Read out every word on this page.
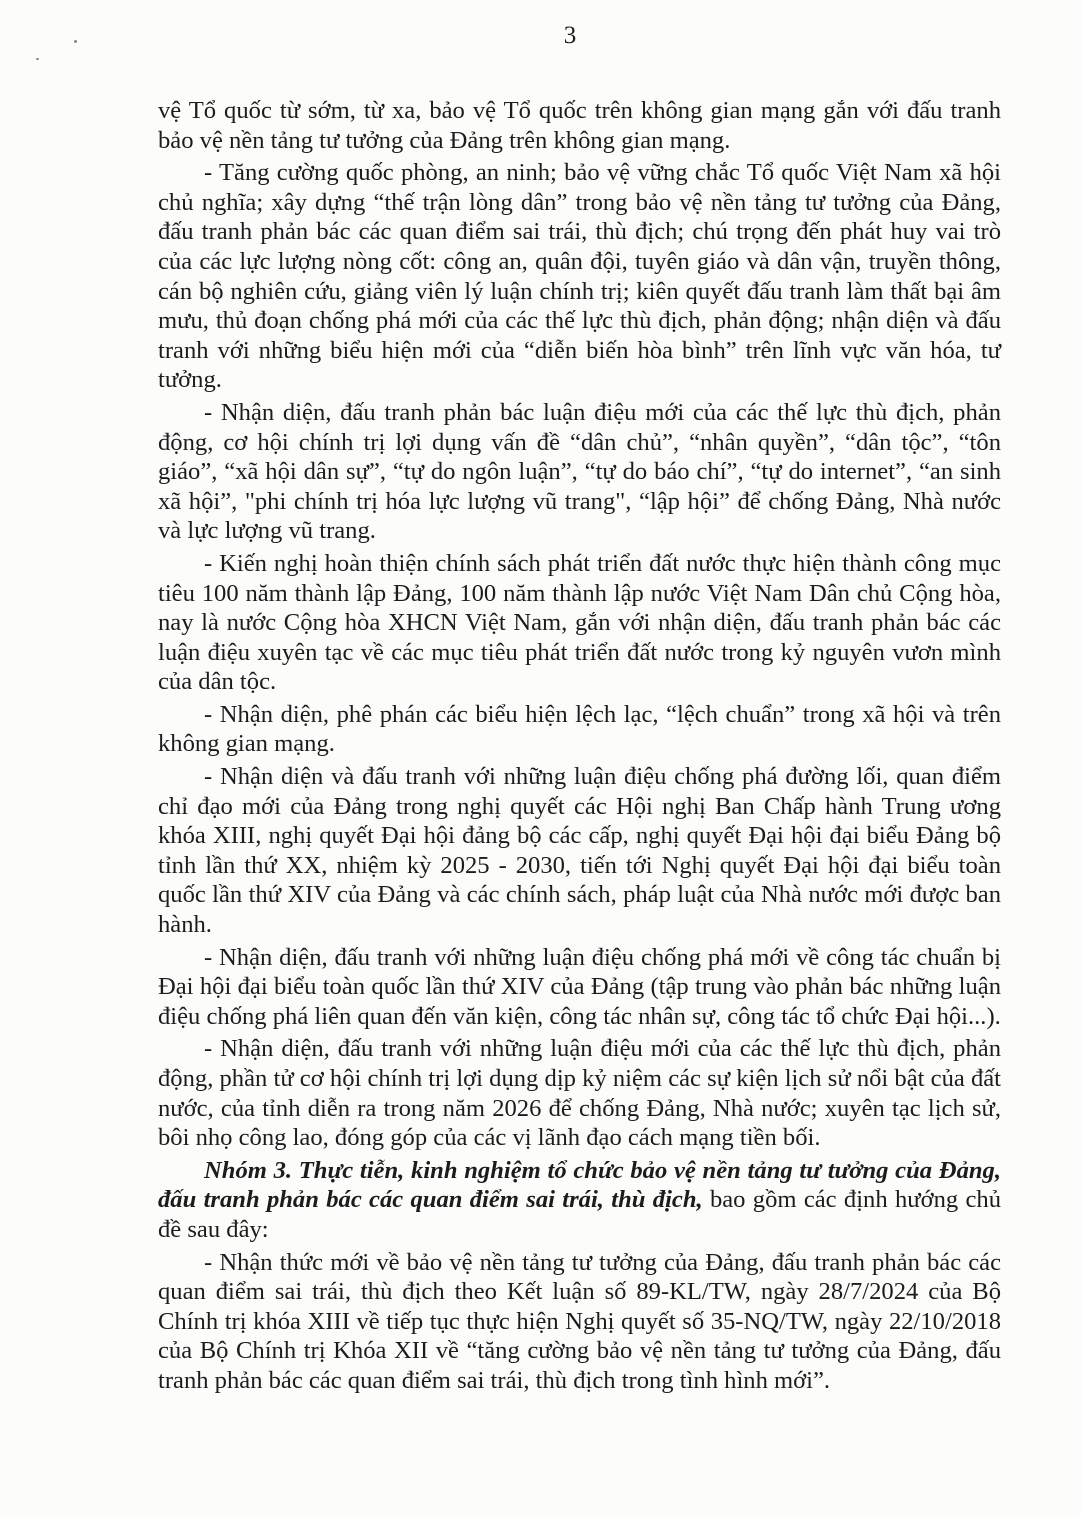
3

vệ Tổ quốc từ sớm, từ xa, bảo vệ Tổ quốc trên không gian mạng gắn với đấu tranh bảo vệ nền tảng tư tưởng của Đảng trên không gian mạng.

- Tăng cường quốc phòng, an ninh; bảo vệ vững chắc Tổ quốc Việt Nam xã hội chủ nghĩa; xây dựng “thế trận lòng dân” trong bảo vệ nền tảng tư tưởng của Đảng, đấu tranh phản bác các quan điểm sai trái, thù địch; chú trọng đến phát huy vai trò của các lực lượng nòng cốt: công an, quân đội, tuyên giáo và dân vận, truyền thông, cán bộ nghiên cứu, giảng viên lý luận chính trị; kiên quyết đấu tranh làm thất bại âm mưu, thủ đoạn chống phá mới của các thế lực thù địch, phản động; nhận diện và đấu tranh với những biểu hiện mới của “diễn biến hòa bình” trên lĩnh vực văn hóa, tư tưởng.

- Nhận diện, đấu tranh phản bác luận điệu mới của các thế lực thù địch, phản động, cơ hội chính trị lợi dụng vấn đề “dân chủ”, “nhân quyền”, “dân tộc”, “tôn giáo”, “xã hội dân sự”, “tự do ngôn luận”, “tự do báo chí”, “tự do internet”, “an sinh xã hội”, "phi chính trị hóa lực lượng vũ trang", “lập hội” để chống Đảng, Nhà nước và lực lượng vũ trang.

- Kiến nghị hoàn thiện chính sách phát triển đất nước thực hiện thành công mục tiêu 100 năm thành lập Đảng, 100 năm thành lập nước Việt Nam Dân chủ Cộng hòa, nay là nước Cộng hòa XHCN Việt Nam, gắn với nhận diện, đấu tranh phản bác các luận điệu xuyên tạc về các mục tiêu phát triển đất nước trong kỷ nguyên vươn mình của dân tộc.

- Nhận diện, phê phán các biểu hiện lệch lạc, “lệch chuẩn” trong xã hội và trên không gian mạng.

- Nhận diện và đấu tranh với những luận điệu chống phá đường lối, quan điểm chỉ đạo mới của Đảng trong nghị quyết các Hội nghị Ban Chấp hành Trung ương khóa XIII, nghị quyết Đại hội đảng bộ các cấp, nghị quyết Đại hội đại biểu Đảng bộ tỉnh lần thứ XX, nhiệm kỳ 2025 - 2030, tiến tới Nghị quyết Đại hội đại biểu toàn quốc lần thứ XIV của Đảng và các chính sách, pháp luật của Nhà nước mới được ban hành.

- Nhận diện, đấu tranh với những luận điệu chống phá mới về công tác chuẩn bị Đại hội đại biểu toàn quốc lần thứ XIV của Đảng (tập trung vào phản bác những luận điệu chống phá liên quan đến văn kiện, công tác nhân sự, công tác tổ chức Đại hội...).

- Nhận diện, đấu tranh với những luận điệu mới của các thế lực thù địch, phản động, phần tử cơ hội chính trị lợi dụng dịp kỷ niệm các sự kiện lịch sử nổi bật của đất nước, của tỉnh diễn ra trong năm 2026 để chống Đảng, Nhà nước; xuyên tạc lịch sử, bôi nhọ công lao, đóng góp của các vị lãnh đạo cách mạng tiền bối.

Nhóm 3. Thực tiễn, kinh nghiệm tổ chức bảo vệ nền tảng tư tưởng của Đảng, đấu tranh phản bác các quan điểm sai trái, thù địch, bao gồm các định hướng chủ đề sau đây:

- Nhận thức mới về bảo vệ nền tảng tư tưởng của Đảng, đấu tranh phản bác các quan điểm sai trái, thù địch theo Kết luận số 89-KL/TW, ngày 28/7/2024 của Bộ Chính trị khóa XIII về tiếp tục thực hiện Nghị quyết số 35-NQ/TW, ngày 22/10/2018 của Bộ Chính trị Khóa XII về “tăng cường bảo vệ nền tảng tư tưởng của Đảng, đấu tranh phản bác các quan điểm sai trái, thù địch trong tình hình mới”.
